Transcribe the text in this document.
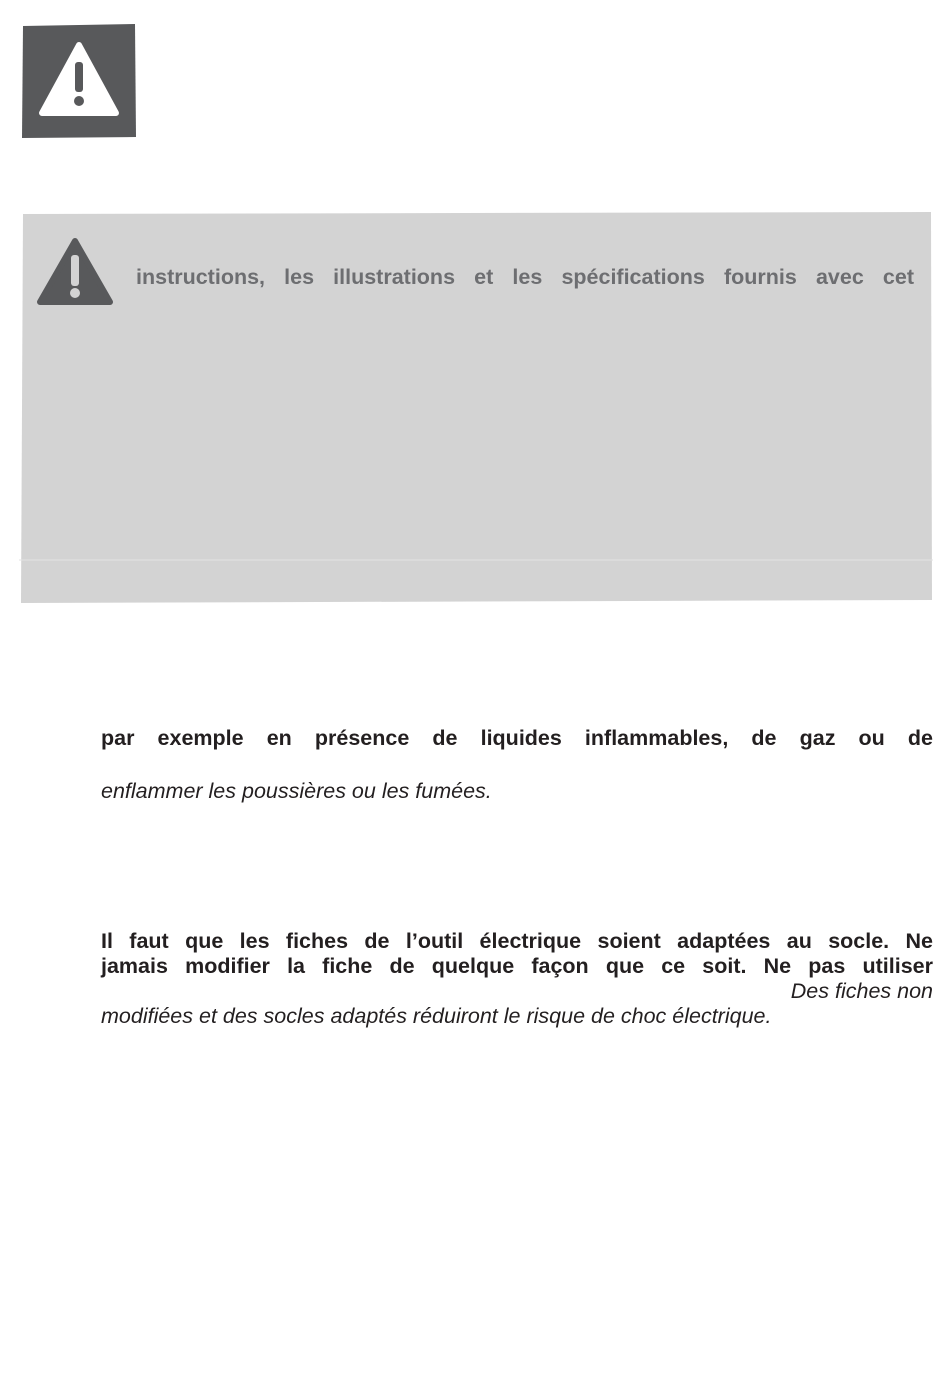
instructions, les illustrations et les spécifications fournis avec cet
par exemple en présence de liquides inflammables, de gaz ou de
enflammer les poussières ou les fumées.
Il faut que les fiches de l’outil électrique soient adaptées au socle. Ne
jamais modifier la fiche de quelque façon que ce soit. Ne pas utiliser
Des fiches non
modifiées et des socles adaptés réduiront le risque de choc électrique.
